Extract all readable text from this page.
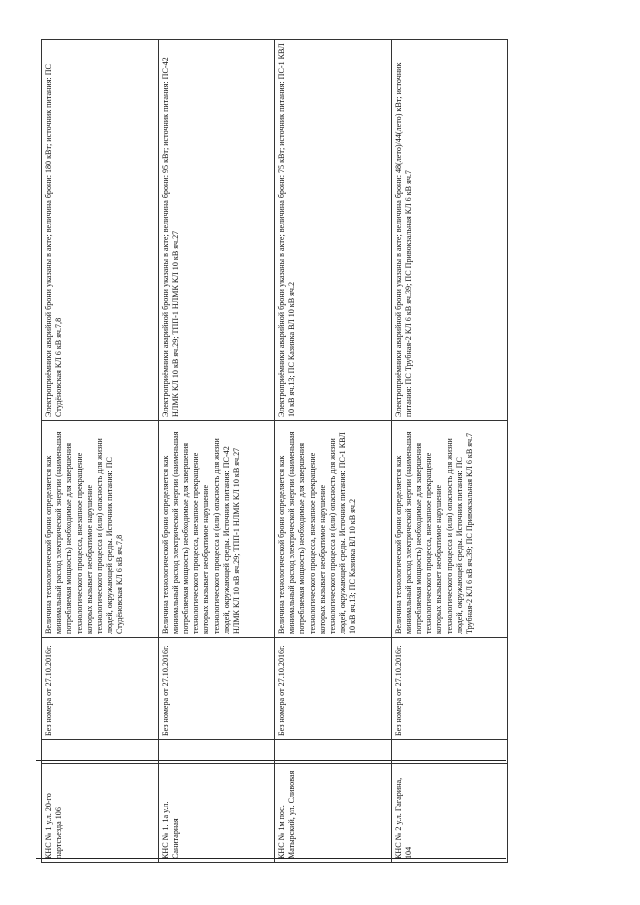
КНС № 1 у.л. 20-го партсъезда 106		Без номера от 27.10.2016г.	Величина технологической брони определяется как минимальный расход электрической энергии (наименьшая потребляемая мощность) необходимые для завершения технологического процесса, внезапное прекращение которых вызывает необратимое нарушение технологического процесса и (или) опасность для жизни людей, окружающей среды. Источник питания: ПС Студёновская КЛ 6 кВ яч.7,8	Электроприёмники аварийной брони указаны в акте; величина брони: 180 кВт; источник питания: ПС Студёновская КЛ 6 кВ яч.7,8
КНС № 1. 1а у.л. Санитарная		Без номера от 27.10.2016г.	Величина технологической брони определяется как минимальный расход электрической энергии (наименьшая потребляемая мощность) необходимые для завершения технологического процесса, внезапное прекращение которых вызывает необратимое нарушение технологического процесса и (или) опасность для жизни людей, окружающей среды. Источник питания: ПС-42 НЛМК КЛ 10 кВ яч.29; ТПП-1 НЛМК КЛ 10 кВ яч.27	Электроприёмники аварийной брони указаны в акте; величина брони: 95 кВт; источник питания: ПС-42 НЛМК КЛ 10 кВ яч.29; ТПП-1 НЛМК КЛ 10 кВ яч.27
КНС № 1м пос. Матырский, ул. Сливовая		Без номера от 27.10.2016г.	Величина технологической брони определяется как минимальный расход электрической энергии (наименьшая потребляемая мощность) необходимые для завершения технологического процесса, внезапное прекращение которых вызывает необратимое нарушение технологического процесса и (или) опасность для жизни людей, окружающей среды. Источник питания: ПС-1 КВЛ 10 кВ яч.13; ПС Казинка ВЛ 10 кВ яч.2	Электроприёмники аварийной брони указаны в акте; величина брони: 75 кВт; источник питания: ПС-1 КВЛ 10 кВ яч.13; ПС Казинка ВЛ 10 кВ яч.2
КНС № 2 у.л. Гагарина, 104		Без номера от 27.10.2016г.	Величина технологической брони определяется как минимальный расход электрической энергии (наименьшая потребляемая мощность) необходимые для завершения технологического процесса, внезапное прекращение которых вызывает необратимое нарушение технологического процесса и (или) опасность для жизни людей, окружающей среды. Источник питания: ПС Трубная-2 КЛ 6 кВ яч.39; ПС Привокзальная КЛ 6 кВ яч.7	Электроприёмники аварийной брони указаны в акте; величина брони: 48(лето)/44(лето) кВт; источник питания: ПС Трубная-2 КЛ 6 кВ яч.39; ПС Привокзальная КЛ 6 кВ яч.7
